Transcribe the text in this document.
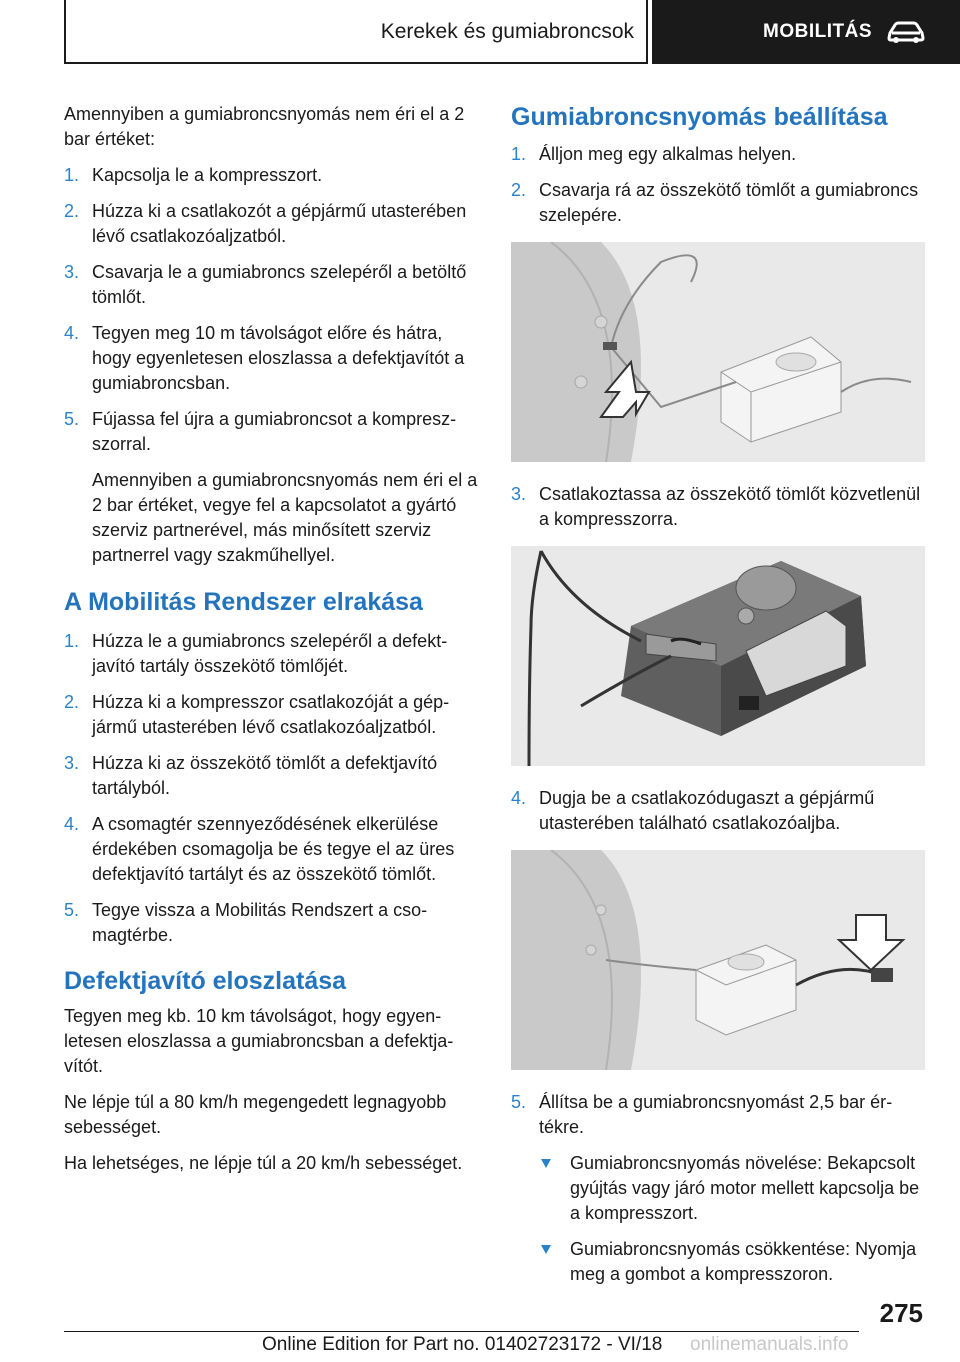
Kerekek és gumiabroncsok	MOBILITÁS

Amennyiben a gumiabroncsnyomás nem éri el a 2 bar értéket:

1. Kapcsolja le a kompresszort.
2. Húzza ki a csatlakozót a gépjármű utasterében lévő csatlakozóaljzatból.
3. Csavarja le a gumiabroncs szelepéről a betöltő tömlőt.
4. Tegyen meg 10 m távolságot előre és hátra, hogy egyenletesen eloszlassa a defektjavítót a gumiabroncsban.
5. Fújassa fel újra a gumiabroncsot a kompreszszorral.

Amennyiben a gumiabroncsnyomás nem éri el a 2 bar értéket, vegye fel a kapcsolatot a gyártó szerviz partnerével, más minősített szerviz partnerrel vagy szakműhellyel.

A Mobilitás Rendszer elrakása
1. Húzza le a gumiabroncs szelepéről a defektjavító tartály összekötő tömlőjét.
2. Húzza ki a kompresszor csatlakozóját a gépjármű utasterében lévő csatlakozóaljzatból.
3. Húzza ki az összekötő tömlőt a defektjavító tartályból.
4. A csomagtér szennyeződésének elkerülése érdekében csomagolja be és tegye el az üres defektjavító tartályt és az összekötő tömlőt.
5. Tegye vissza a Mobilitás Rendszert a csomagtérbe.
Defektjavító eloszlatása

Tegyen meg kb. 10 km távolságot, hogy egyenletesen eloszlassa a gumiabroncsban a defektjavítót.

Ne lépje túl a 80 km/h megengedett legnagyobb sebességet.

Ha lehetséges, ne lépje túl a 20 km/h sebességet.

Gumiabroncsnyomás beállítása
1. Álljon meg egy alkalmas helyen.
2. Csavarja rá az összekötő tömlőt a gumiabroncs szelepére.
3. Csatlakoztassa az összekötő tömlőt közvetlenül a kompresszorra.
4. Dugja be a csatlakozódugaszt a gépjármű utasterében található csatlakozóaljba.
5. Állítsa be a gumiabroncsnyomást 2,5 bar értékre.
Gumiabroncsnyomás növelése: Bekapcsolt gyújtás vagy járó motor mellett kapcsolja be a kompresszort.
Gumiabroncsnyomás csökkentése: Nyomja meg a gombot a kompresszoron.
275
Online Edition for Part no. 01402723172 - VI/18 onlinemanuals.info
